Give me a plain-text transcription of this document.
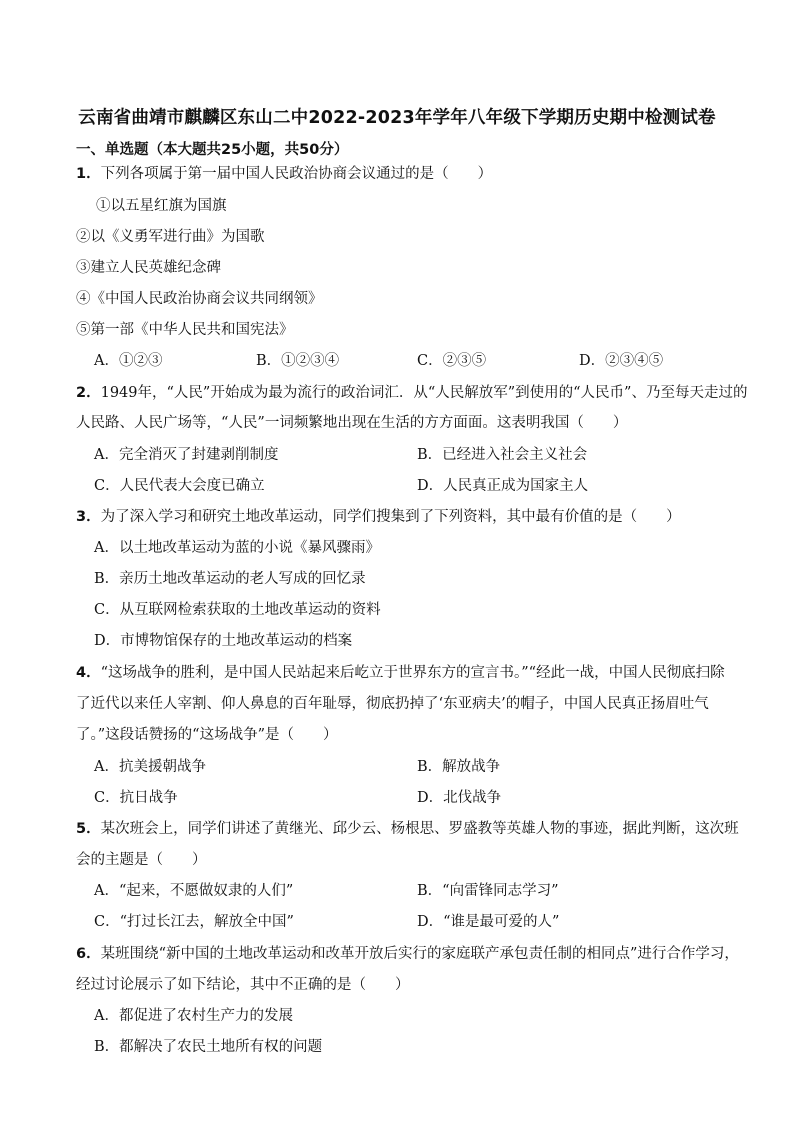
云南省曲靖市麒麟区东山二中2022-2023年学年八年级下学期历史期中检测试卷
一、单选题（本大题共25小题，共50分）
1．下列各项属于第一届中国人民政治协商会议通过的是（　　）
①以五星红旗为国旗
②以《义勇军进行曲》为国歌
③建立人民英雄纪念碑
④《中国人民政治协商会议共同纲领》
⑤第一部《中华人民共和国宪法》
A．①②③	B．①②③④	C．②③⑤	D．②③④⑤
2．1949年，“人民”开始成为最为流行的政治词汇．从“人民解放军”到使用的“人民币”、乃至每天走过的
人民路、人民广场等，“人民”一词频繁地出现在生活的方方面面。这表明我国（　　）
A．完全消灭了封建剥削制度	B．已经进入社会主义社会
C．人民代表大会度已确立	D．人民真正成为国家主人
3．为了深入学习和研究土地改革运动，同学们搜集到了下列资料，其中最有价值的是（　　）
A．以土地改革运动为蓝的小说《暴风骤雨》
B．亲历土地改革运动的老人写成的回忆录
C．从互联网检索获取的土地改革运动的资料
D．市博物馆保存的土地改革运动的档案
4．“这场战争的胜利，是中国人民站起来后屹立于世界东方的宣言书。”“经此一战，中国人民彻底扫除
了近代以来任人宰割、仰人鼻息的百年耻辱，彻底扔掉了‘东亚病夫’的帽子，中国人民真正扬眉吐气
了。”这段话赞扬的“这场战争”是（　　）
A．抗美援朝战争	B．解放战争
C．抗日战争	D．北伐战争
5．某次班会上，同学们讲述了黄继光、邱少云、杨根思、罗盛教等英雄人物的事迹，据此判断，这次班
会的主题是（　　）
A．“起来，不愿做奴隶的人们”	B．“向雷锋同志学习”
C．“打过长江去，解放全中国”	D．“谁是最可爱的人”
6．某班围绕“新中国的土地改革运动和改革开放后实行的家庭联产承包责任制的相同点”进行合作学习，
经过讨论展示了如下结论，其中不正确的是（　　）
A．都促进了农村生产力的发展
B．都解决了农民土地所有权的问题
